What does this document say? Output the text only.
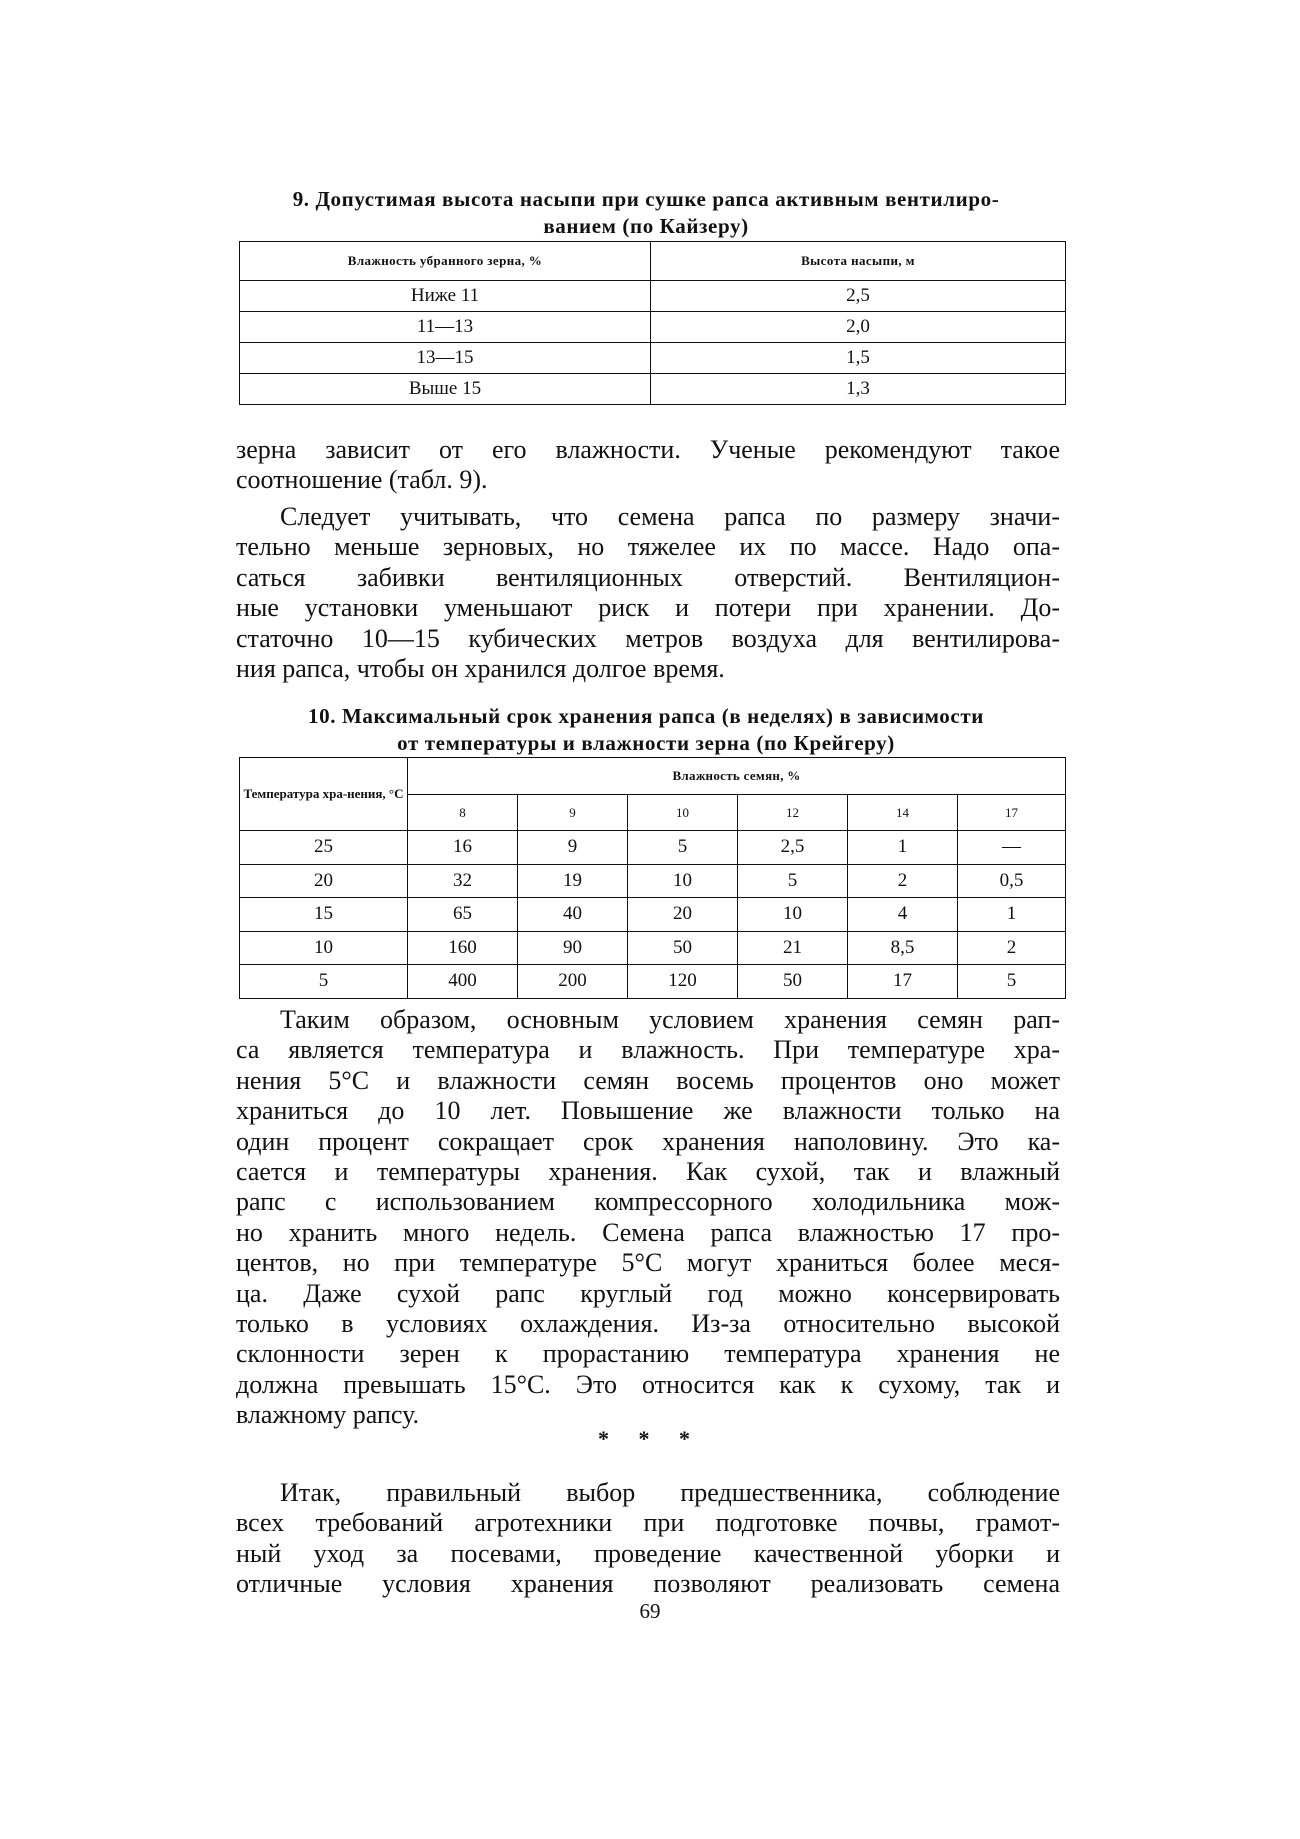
9. Допустимая высота насыпи при сушке рапса активным вентилиро-
ванием (по Кайзеру)
Влажность убранного зерна, %	Высота насыпи, м
Ниже 11	2,5
11—13	2,0
13—15	1,5
Выше 15	1,3
зерна зависит от его влажности. Ученые рекомендуют такое
соотношение (табл. 9).
Следует учитывать, что семена рапса по размеру значи-
тельно меньше зерновых, но тяжелее их по массе. Надо опа-
саться забивки вентиляционных отверстий. Вентиляцион-
ные установки уменьшают риск и потери при хранении. До-
статочно 10—15 кубических метров воздуха для вентилирова-
ния рапса, чтобы он хранился долгое время.
10. Максимальный срок хранения рапса (в неделях) в зависимости
от температуры и влажности зерна (по Крейгеру)
Температура хра-нения, °С	Влажность семян, %					
	8	9	10	12	14	17
25	16	9	5	2,5	1	—
20	32	19	10	5	2	0,5
15	65	40	20	10	4	1
10	160	90	50	21	8,5	2
5	400	200	120	50	17	5
Таким образом, основным условием хранения семян рап-
са является температура и влажность. При температуре хра-
нения 5°С и влажности семян восемь процентов оно может
храниться до 10 лет. Повышение же влажности только на
один процент сокращает срок хранения наполовину. Это ка-
сается и температуры хранения. Как сухой, так и влажный
рапс с использованием компрессорного холодильника мож-
но хранить много недель. Семена рапса влажностью 17 про-
центов, но при температуре 5°С могут храниться более меся-
ца. Даже сухой рапс круглый год можно консервировать
только в условиях охлаждения. Из-за относительно высокой
склонности зерен к прорастанию температура хранения не
должна превышать 15°С. Это относится как к сухому, так и
влажному рапсу.
* * *
Итак, правильный выбор предшественника, соблюдение
всех требований агротехники при подготовке почвы, грамот-
ный уход за посевами, проведение качественной уборки и
отличные условия хранения позволяют реализовать семена
69
